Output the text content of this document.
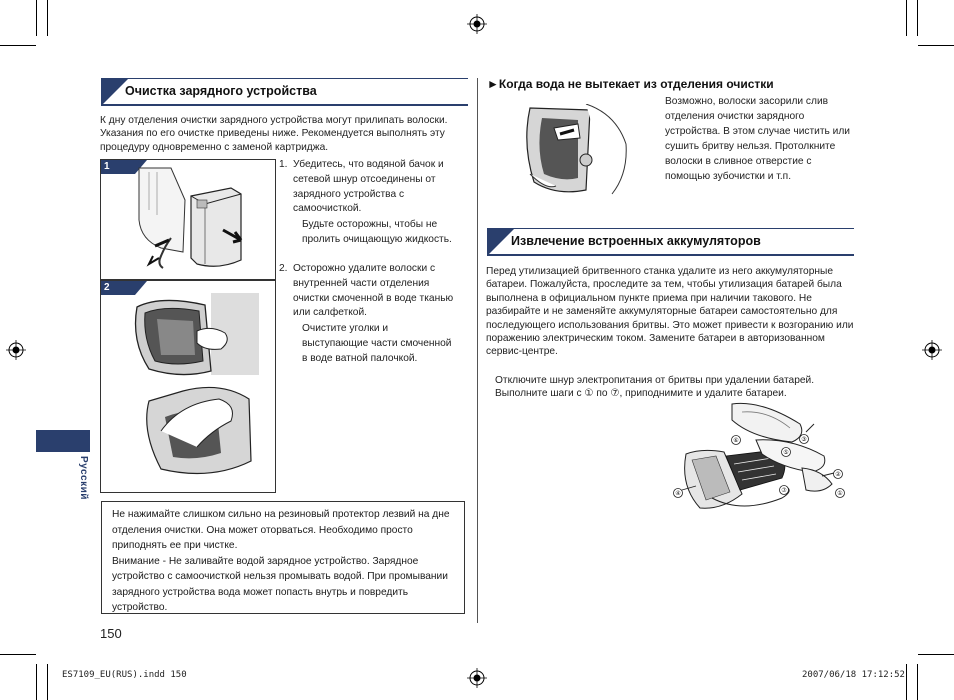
Очистка зарядного устройства

К дну отделения очистки зарядного устройства могут прилипать волоски. Указания по его очистке приведены ниже. Рекомендуется выполнять эту процедуру одновременно с заменой картриджа.

1
2
1. Убедитесь, что водяной бачок и сетевой шнур отсоединены от зарядного устройства с самоочисткой.

Будьте осторожны, чтобы не пролить очищающую жидкость.

2. Осторожно удалите волоски с внутренней части отделения очистки смоченной в воде тканью или салфеткой.

Очистите уголки и выступающие части смоченной в воде ватной палочкой.

Не нажимайте слишком сильно на резиновый протектор лезвий на дне отделения очистки. Она может оторваться. Необходимо просто приподнять ее при чистке.

Внимание - Не заливайте водой зарядное устройство. Зарядное устройство с самоочисткой нельзя промывать водой. При промывании зарядного устройства вода может попасть внутрь и повредить устройство.

150
Русский
►Когда вода не вытекает из отделения очистки

Возможно, волоски засорили слив отделения очистки зарядного устройства. В этом случае чистить или сушить бритву нельзя. Протолкните волоски в сливное отверстие с помощью зубочистки и т.п.

Извлечение встроенных аккумуляторов

Перед утилизацией бритвенного станка удалите из него аккумуляторные батареи. Пожалуйста, проследите за тем, чтобы утилизация батарей была выполнена в официальном пункте приема при наличии такового. Не разбирайте и не заменяйте аккумуляторные батареи самостоятельно для последующего использования бритвы. Это может привести к возгоранию или поражению электрическим током. Замените батареи в авторизованном сервис-центре.

Отключите шнур электропитания от бритвы при удалении батарей. Выполните шаги с ① по ⑦, приподнимите и удалите батареи.

①
②
③
④
⑤
⑥
⑦
ES7109_EU(RUS).indd 150	2007/06/18 17:12:52
